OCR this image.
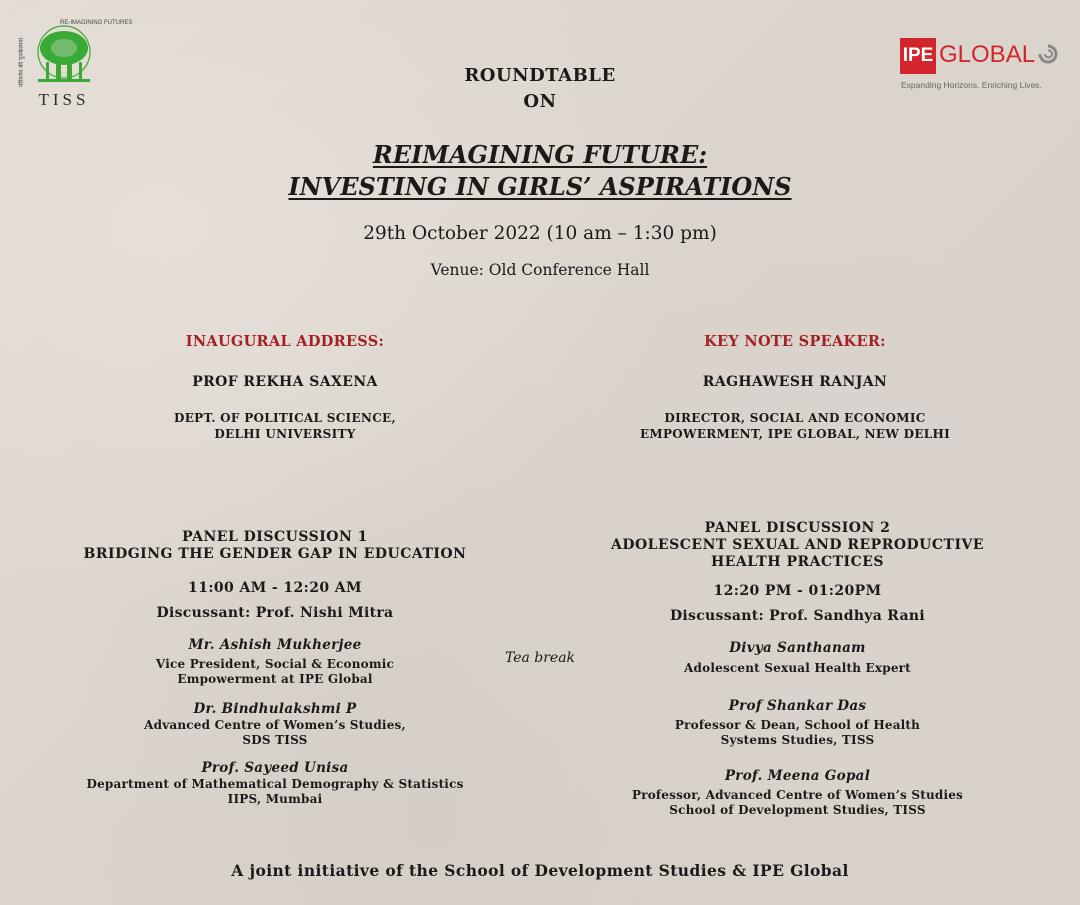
परिवर्तन की पुनर्कल्पना
RE-IMAGINING FUTURES
TISS
IPE GLOBAL
Expanding Horizons. Enriching Lives.
ROUNDTABLE
ON
REIMAGINING FUTURE:
INVESTING IN GIRLS’ ASPIRATIONS
29th October 2022 (10 am – 1:30 pm)
Venue: Old Conference Hall
INAUGURAL ADDRESS:
PROF REKHA SAXENA
DEPT. OF POLITICAL SCIENCE,
DELHI UNIVERSITY
KEY NOTE SPEAKER:
RAGHAWESH RANJAN
DIRECTOR, SOCIAL AND ECONOMIC
EMPOWERMENT, IPE GLOBAL, NEW DELHI
PANEL DISCUSSION 1
BRIDGING THE GENDER GAP IN EDUCATION
11:00 AM - 12:20 AM
Discussant: Prof. Nishi Mitra
Mr. Ashish Mukherjee
Vice President, Social & Economic
Empowerment at IPE Global
Dr. Bindhulakshmi P
Advanced Centre of Women’s Studies,
SDS TISS
Prof. Sayeed Unisa
Department of Mathematical Demography & Statistics
IIPS, Mumbai
Tea break
PANEL DISCUSSION 2
ADOLESCENT SEXUAL AND REPRODUCTIVE
HEALTH PRACTICES
12:20 PM - 01:20PM
Discussant: Prof. Sandhya Rani
Divya Santhanam
Adolescent Sexual Health Expert
Prof Shankar Das
Professor & Dean, School of Health
Systems Studies, TISS
Prof. Meena Gopal
Professor, Advanced Centre of Women’s Studies
School of Development Studies, TISS
A joint initiative of the School of Development Studies & IPE Global
